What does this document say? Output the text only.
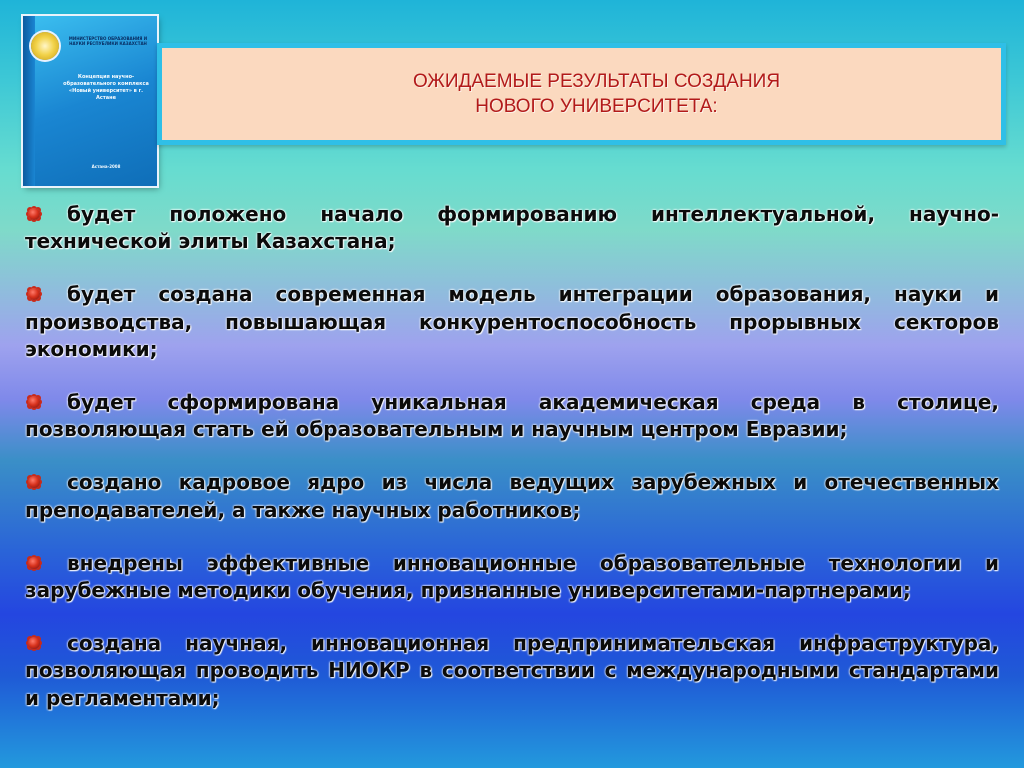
МИНИСТЕРСТВО ОБРАЗОВАНИЯ И НАУКИ РЕСПУБЛИКИ КАЗАХСТАН
Концепция научно-образовательного комплекса «Новый университет» в г. Астане
Астана-2008
ОЖИДАЕМЫЕ РЕЗУЛЬТАТЫ СОЗДАНИЯ
НОВОГО УНИВЕРСИТЕТА:
будет положено начало формированию интеллектуальной, научно-технической элиты Казахстана;
будет создана современная модель интеграции образования, науки и производства, повышающая конкурентоспособность прорывных секторов экономики;
будет сформирована уникальная академическая среда в столице, позволяющая стать ей образовательным и научным центром Евразии;
создано кадровое ядро из числа ведущих зарубежных и отечественных преподавателей, а также научных работников;
внедрены эффективные инновационные образовательные технологии и зарубежные методики обучения, признанные университетами-партнерами;
создана научная, инновационная предпринимательская инфраструктура, позволяющая проводить НИОКР в соответствии с международными стандартами и регламентами;
